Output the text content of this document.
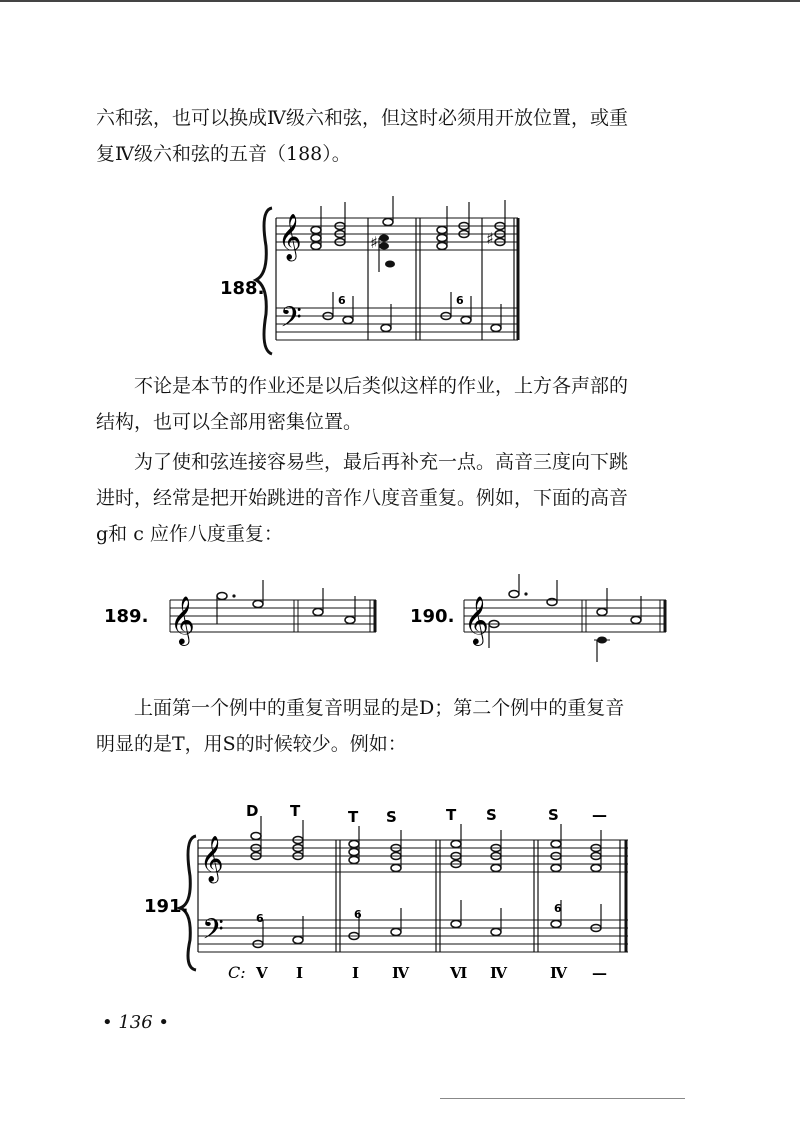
六和弦，也可以换成Ⅳ级六和弦，但这时必须用开放位置，或重
复Ⅳ级六和弦的五音（188）。

𝄞
𝄢
♯	♯
6	6
188.

不论是本节的作业还是以后类似这样的作业，上方各声部的
结构，也可以全部用密集位置。

为了使和弦连接容易些，最后再补充一点。高音三度向下跳
进时，经常是把开始跳进的音作八度音重复。例如，下面的高音
g和 c 应作八度重复：

𝄞
189.	𝄞
190.

上面第一个例中的重复音明显的是D；第二个例中的重复音
明显的是T，用S的时候较少。例如：

D T	T S	T S	S —
𝄞
𝄢	6	6	6
191.
C: V I	I Ⅳ	Ⅵ Ⅳ	Ⅳ —
• 136 •
